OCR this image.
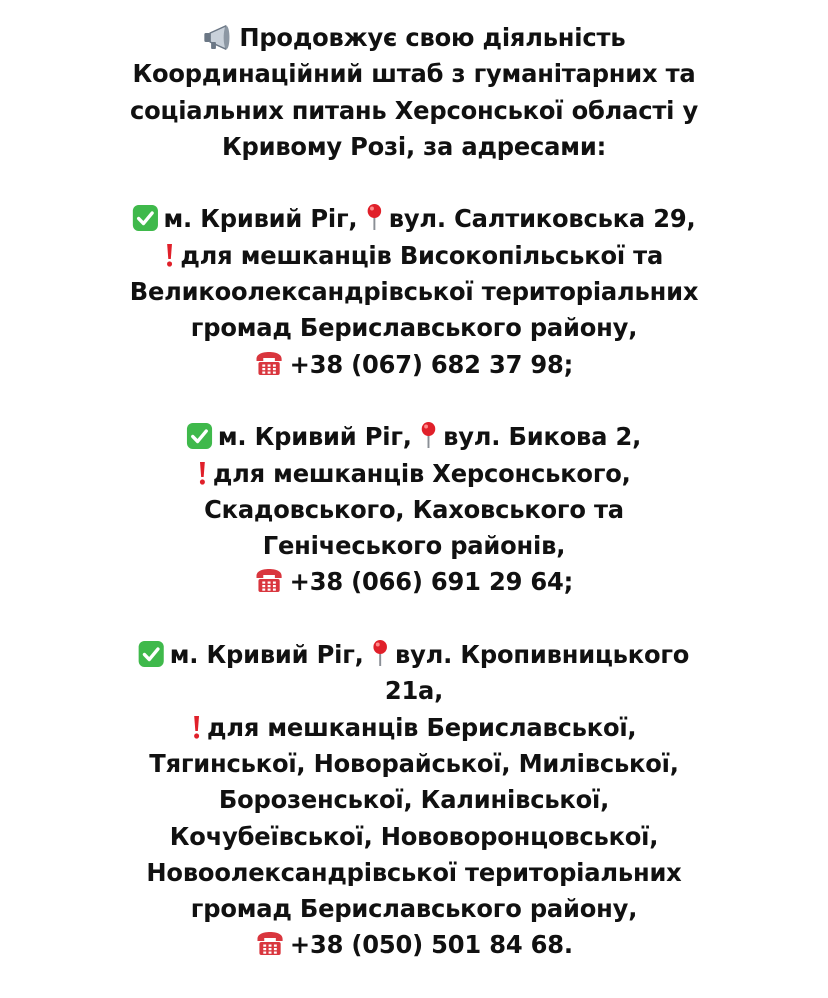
Продовжує свою діяльність
Координаційний штаб з гуманітарних та
соціальних питань Херсонської області у
Кривому Розі, за адресами:
м. Кривий Ріг, вул. Салтиковська 29,
для мешканців Високопільської та
Великоолександрівської територіальних
громад Бериславського району,
+38 (067) 682 37 98;
м. Кривий Ріг, вул. Бикова 2,
для мешканців Херсонського,
Скадовського, Каховського та
Генічеського районів,
+38 (066) 691 29 64;
м. Кривий Ріг, вул. Кропивницького
21а,
для мешканців Бериславської,
Тягинської, Новорайської, Милівської,
Борозенської, Калинівської,
Кочубеївської, Нововоронцовської,
Новоолександрівської територіальних
громад Бериславського району,
+38 (050) 501 84 68.
